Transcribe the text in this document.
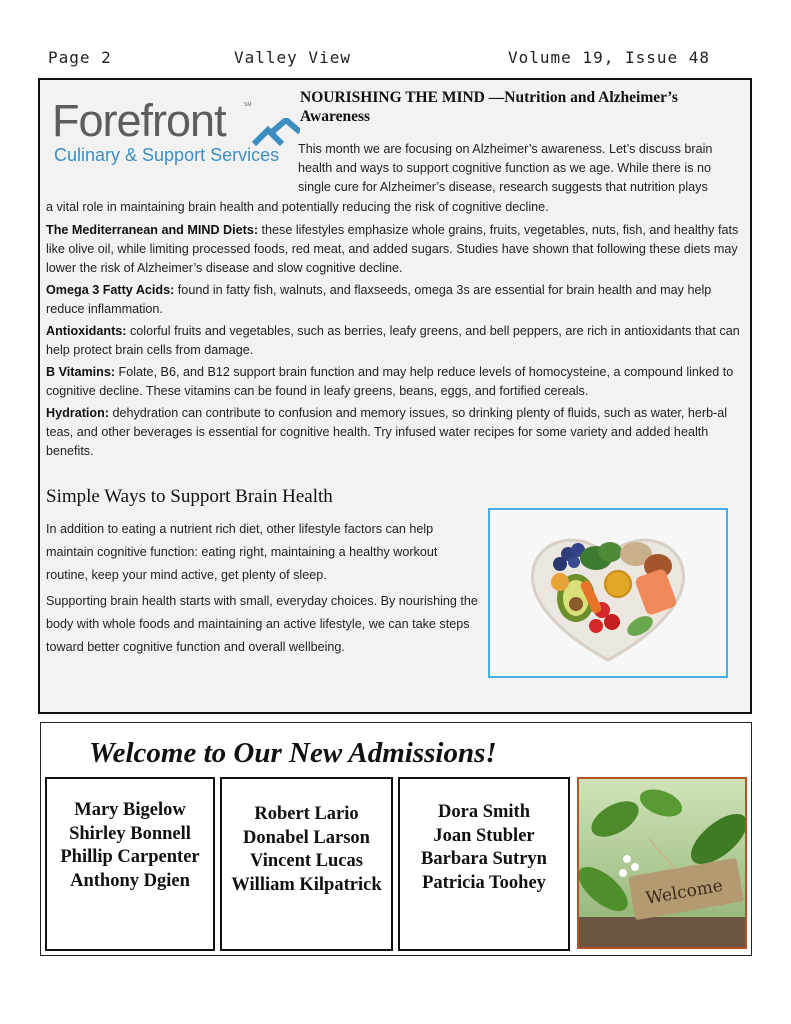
Page 2	Valley View	Volume 19, Issue 48
Forefront	SM
Culinary & Support Services
NOURISHING THE MIND —Nutrition and Alzheimer’s Awareness
This month we are focusing on Alzheimer’s awareness. Let’s discuss brain health and ways to support cognitive function as we age. While there is no single cure for Alzheimer’s disease, research suggests that nutrition plays

a vital role in maintaining brain health and potentially reducing the risk of cognitive decline.

The Mediterranean and MIND Diets: these lifestyles emphasize whole grains, fruits, vegetables, nuts, fish, and healthy fats like olive oil, while limiting processed foods, red meat, and added sugars. Studies have shown that following these diets may lower the risk of Alzheimer’s disease and slow cognitive decline.

Omega 3 Fatty Acids: found in fatty fish, walnuts, and flaxseeds, omega 3s are essential for brain health and may help reduce inflammation.

Antioxidants: colorful fruits and vegetables, such as berries, leafy greens, and bell peppers, are rich in antioxidants that can help protect brain cells from damage.

B Vitamins: Folate, B6, and B12 support brain function and may help reduce levels of homocysteine, a compound linked to cognitive decline. These vitamins can be found in leafy greens, beans, eggs, and fortified cereals.

Hydration: dehydration can contribute to confusion and memory issues, so drinking plenty of fluids, such as water, herb-al teas, and other beverages is essential for cognitive health. Try infused water recipes for some variety and added health benefits.

Simple Ways to Support Brain Health

In addition to eating a nutrient rich diet, other lifestyle factors can help maintain cognitive function: eating right, maintaining a healthy workout routine, keep your mind active, get plenty of sleep.

Supporting brain health starts with small, everyday choices. By nourishing the body with whole foods and maintaining an active lifestyle, we can take steps toward better cognitive function and overall wellbeing.

Welcome to Our New Admissions!
Mary Bigelow
Shirley Bonnell
Phillip Carpenter
Anthony Dgien
Robert Lario
Donabel Larson
Vincent Lucas
William Kilpatrick
Dora Smith
Joan Stubler
Barbara Sutryn
Patricia Toohey	Welcome
